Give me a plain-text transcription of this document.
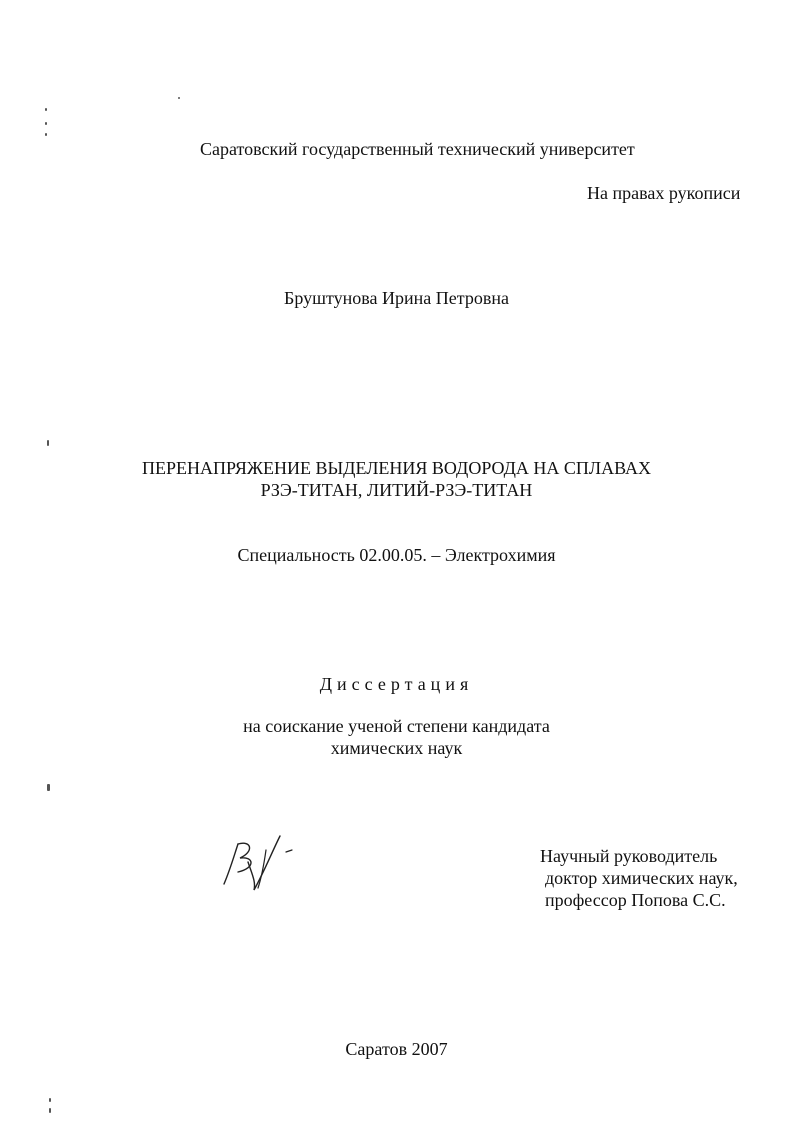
Саратовский государственный технический университет
На правах рукописи
Бруштунова Ирина Петровна
ПЕРЕНАПРЯЖЕНИЕ ВЫДЕЛЕНИЯ ВОДОРОДА НА СПЛАВАХ
РЗЭ-ТИТАН, ЛИТИЙ-РЗЭ-ТИТАН
Специальность 02.00.05. – Электрохимия
Диссертация
на соискание ученой степени кандидата
химических наук
Научный руководитель
доктор химических наук,
профессор Попова С.С.
Саратов 2007
